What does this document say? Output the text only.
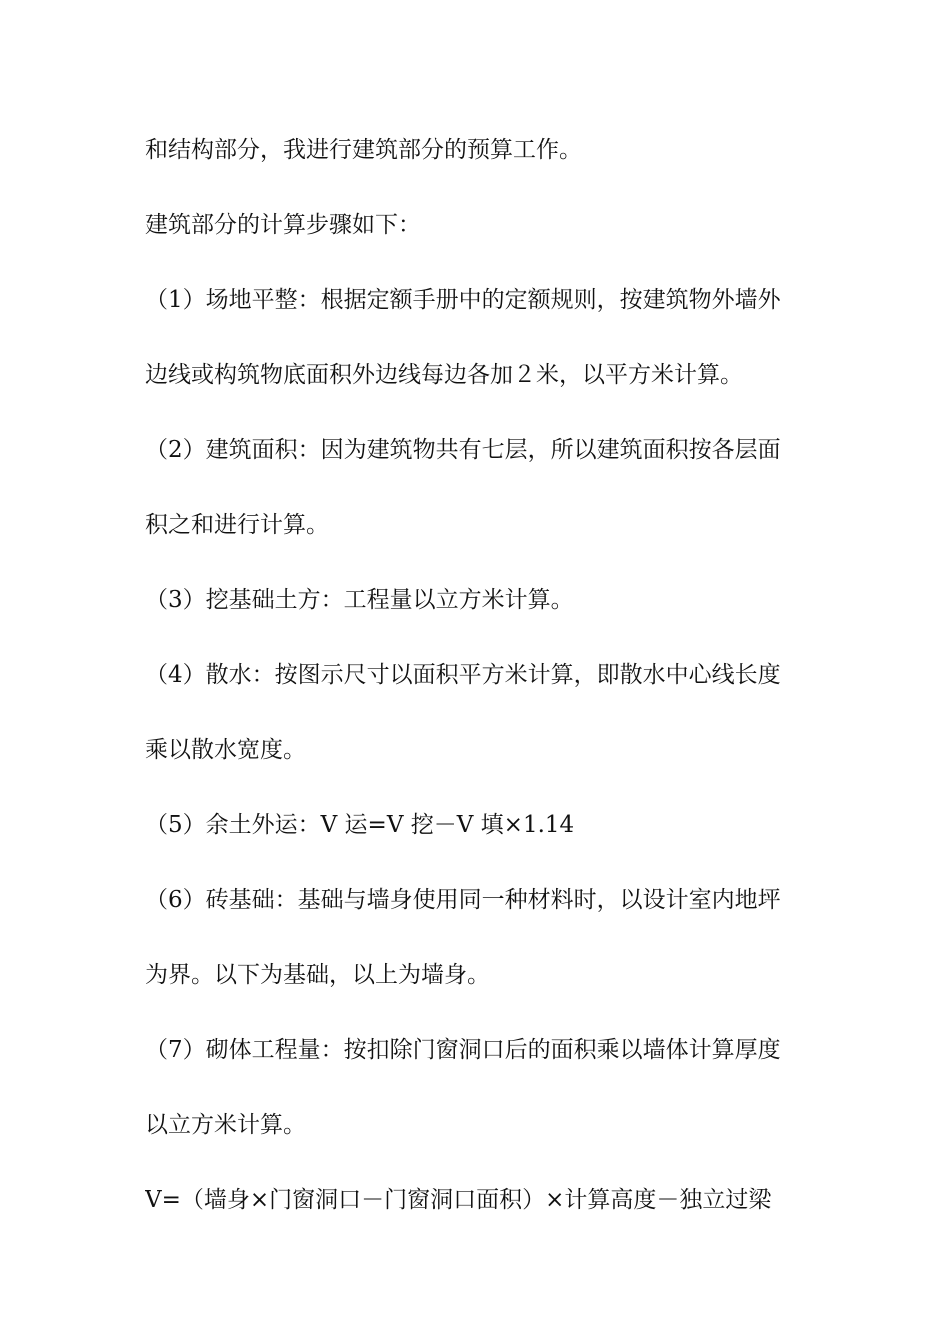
和结构部分，我进行建筑部分的预算工作。
建筑部分的计算步骤如下：
（1）场地平整：根据定额手册中的定额规则，按建筑物外墙外
边线或构筑物底面积外边线每边各加２米，以平方米计算。
（2）建筑面积：因为建筑物共有七层，所以建筑面积按各层面
积之和进行计算。
（3）挖基础土方：工程量以立方米计算。
（4）散水：按图示尺寸以面积平方米计算，即散水中心线长度
乘以散水宽度。
（5）余土外运：V 运=V 挖－V 填×1.14
（6）砖基础：基础与墙身使用同一种材料时，以设计室内地坪
为界。以下为基础，以上为墙身。
（7）砌体工程量：按扣除门窗洞口后的面积乘以墙体计算厚度
以立方米计算。
V=（墙身×门窗洞口－门窗洞口面积）×计算高度－独立过梁
